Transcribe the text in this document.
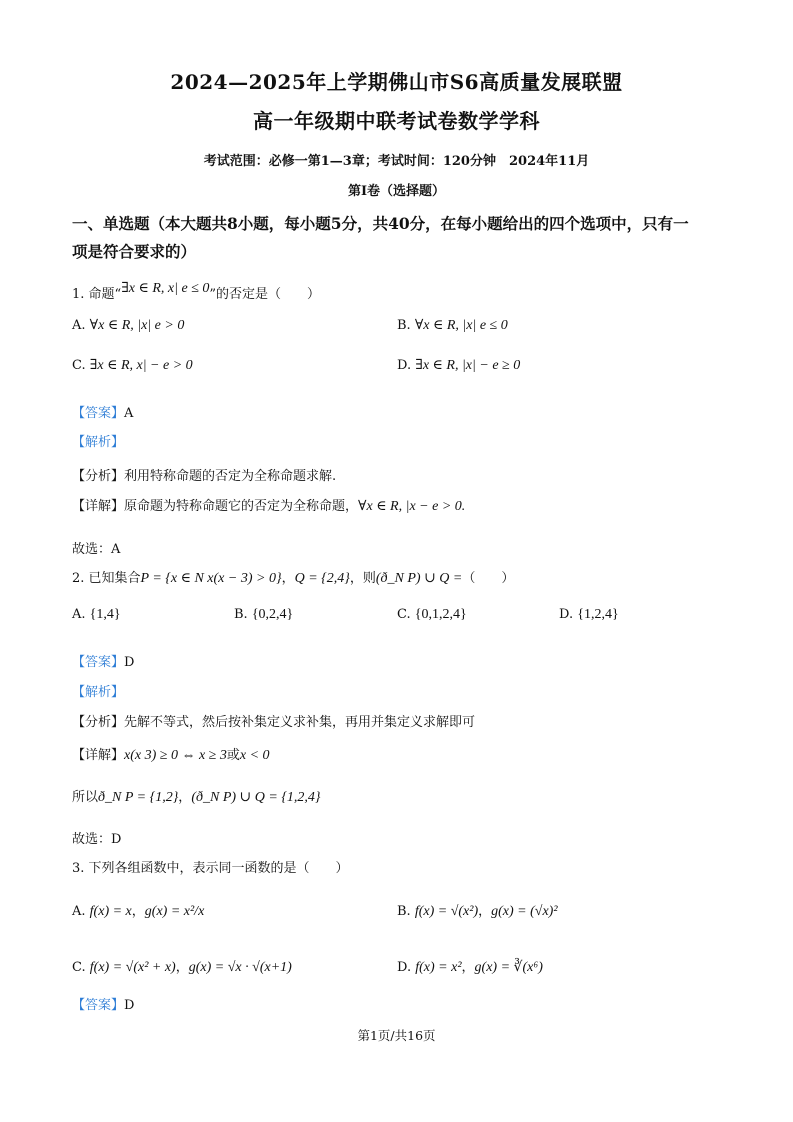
2024—2025年上学期佛山市S6高质量发展联盟
高一年级期中联考试卷数学学科
考试范围：必修一第1—3章；考试时间：120分钟　2024年11月
第I卷（选择题）
一、单选题（本大题共8小题，每小题5分，共40分，在每小题给出的四个选项中，只有一
项是符合要求的）
1. 命题“∃x ∈ R, x| e ≤ 0”的否定是（　　）
A. ∀x ∈ R, |x| e > 0	B. ∀x ∈ R, |x| e ≤ 0
C. ∃x ∈ R, x| − e > 0	D. ∃x ∈ R, |x| − e ≥ 0
【答案】A
【解析】
【分析】利用特称命题的否定为全称命题求解.
【详解】原命题为特称命题它的否定为全称命题，∀x ∈ R, |x − e > 0.
故选：A
2. 已知集合P = {x ∈ N x(x − 3) > 0}，Q = {2,4}，则(ð_N P) ∪ Q =（　　）
A. {1,4}	B. {0,2,4}	C. {0,1,2,4}	D. {1,2,4}
【答案】D
【解析】
【分析】先解不等式，然后按补集定义求补集，再用并集定义求解即可
【详解】x(x 3) ≥ 0 ⇔ x ≥ 3或x < 0
所以ð_N P = {1,2}，(ð_N P) ∪ Q = {1,2,4}
故选：D
3. 下列各组函数中，表示同一函数的是（　　）
A. f(x) = x，g(x) = x²/x	B. f(x) = √(x²)，g(x) = (√x)²
C. f(x) = √(x² + x)，g(x) = √x · √(x+1)	D. f(x) = x²，g(x) = ∛(x⁶)
【答案】D
第1页/共16页
